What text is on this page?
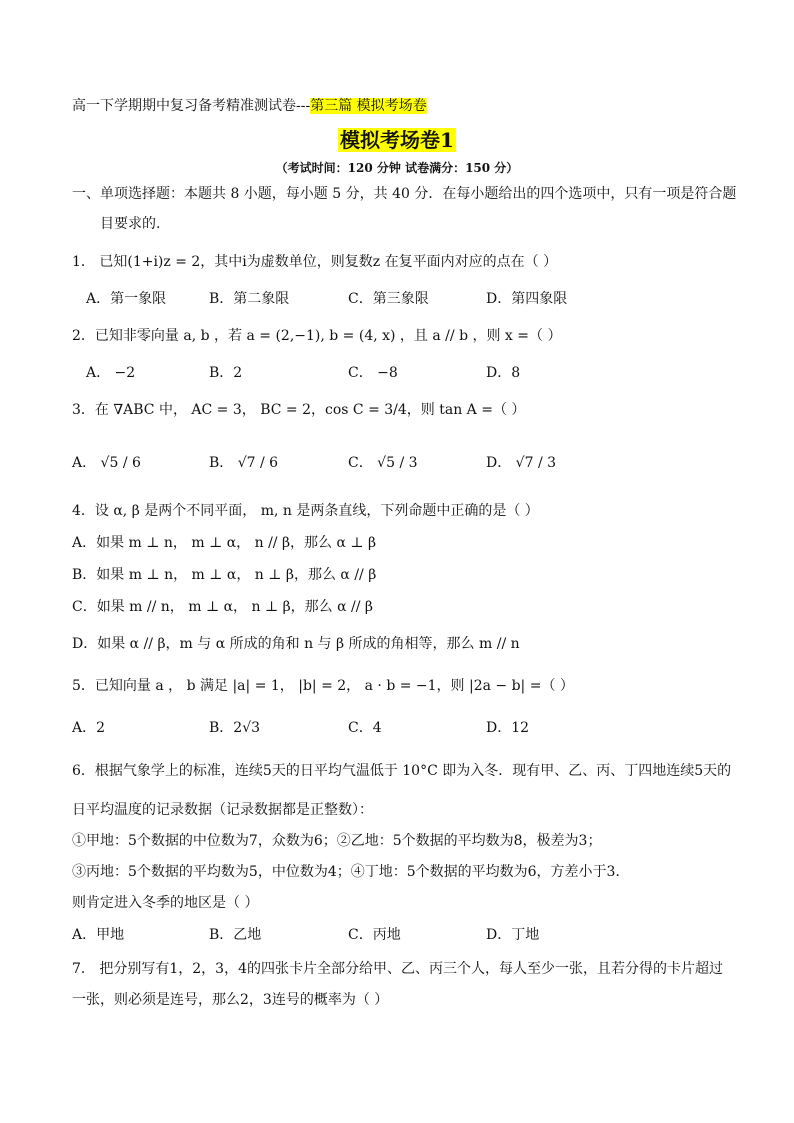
高一下学期期中复习备考精准测试卷---第三篇 模拟考场卷
模拟考场卷1
（考试时间：120 分钟 试卷满分：150 分）
一、单项选择题：本题共 8 小题，每小题 5 分，共 40 分．在每小题给出的四个选项中，只有一项是符合题
目要求的.
1． 已知(1+i)z = 2，其中i为虚数单位，则复数z 在复平面内对应的点在（ ）
A．第一象限	B．第二象限	C．第三象限	D．第四象限
2．已知非零向量 a, b ，若 a = (2,−1), b = (4, x) ，且 a // b ，则 x =（ ）
A． −2	B．2	C． −8	D．8
3．在 ∇ABC 中， AC = 3， BC = 2，cos C = 3/4，则 tan A =（ ）
A． √5 / 6	B． √7 / 6	C． √5 / 3	D． √7 / 3
4．设 α, β 是两个不同平面， m, n 是两条直线，下列命题中正确的是（ ）
A．如果 m ⊥ n， m ⊥ α， n // β，那么 α ⊥ β
B．如果 m ⊥ n， m ⊥ α， n ⊥ β，那么 α // β
C．如果 m // n， m ⊥ α， n ⊥ β，那么 α // β
D．如果 α // β，m 与 α 所成的角和 n 与 β 所成的角相等，那么 m // n
5．已知向量 a ， b 满足 |a| = 1， |b| = 2， a · b = −1，则 |2a − b| =（ ）
A．2	B．2√3	C．4	D．12
6．根据气象学上的标准，连续5天的日平均气温低于 10°C 即为入冬．现有甲、乙、丙、丁四地连续5天的
日平均温度的记录数据（记录数据都是正整数）：
①甲地：5个数据的中位数为7，众数为6；②乙地：5个数据的平均数为8，极差为3；
③丙地：5个数据的平均数为5，中位数为4；④丁地：5个数据的平均数为6，方差小于3．
则肯定进入冬季的地区是（ ）
A．甲地	B．乙地	C．丙地	D．丁地
7． 把分别写有1，2，3，4的四张卡片全部分给甲、乙、丙三个人，每人至少一张，且若分得的卡片超过
一张，则必须是连号，那么2，3连号的概率为（ ）
